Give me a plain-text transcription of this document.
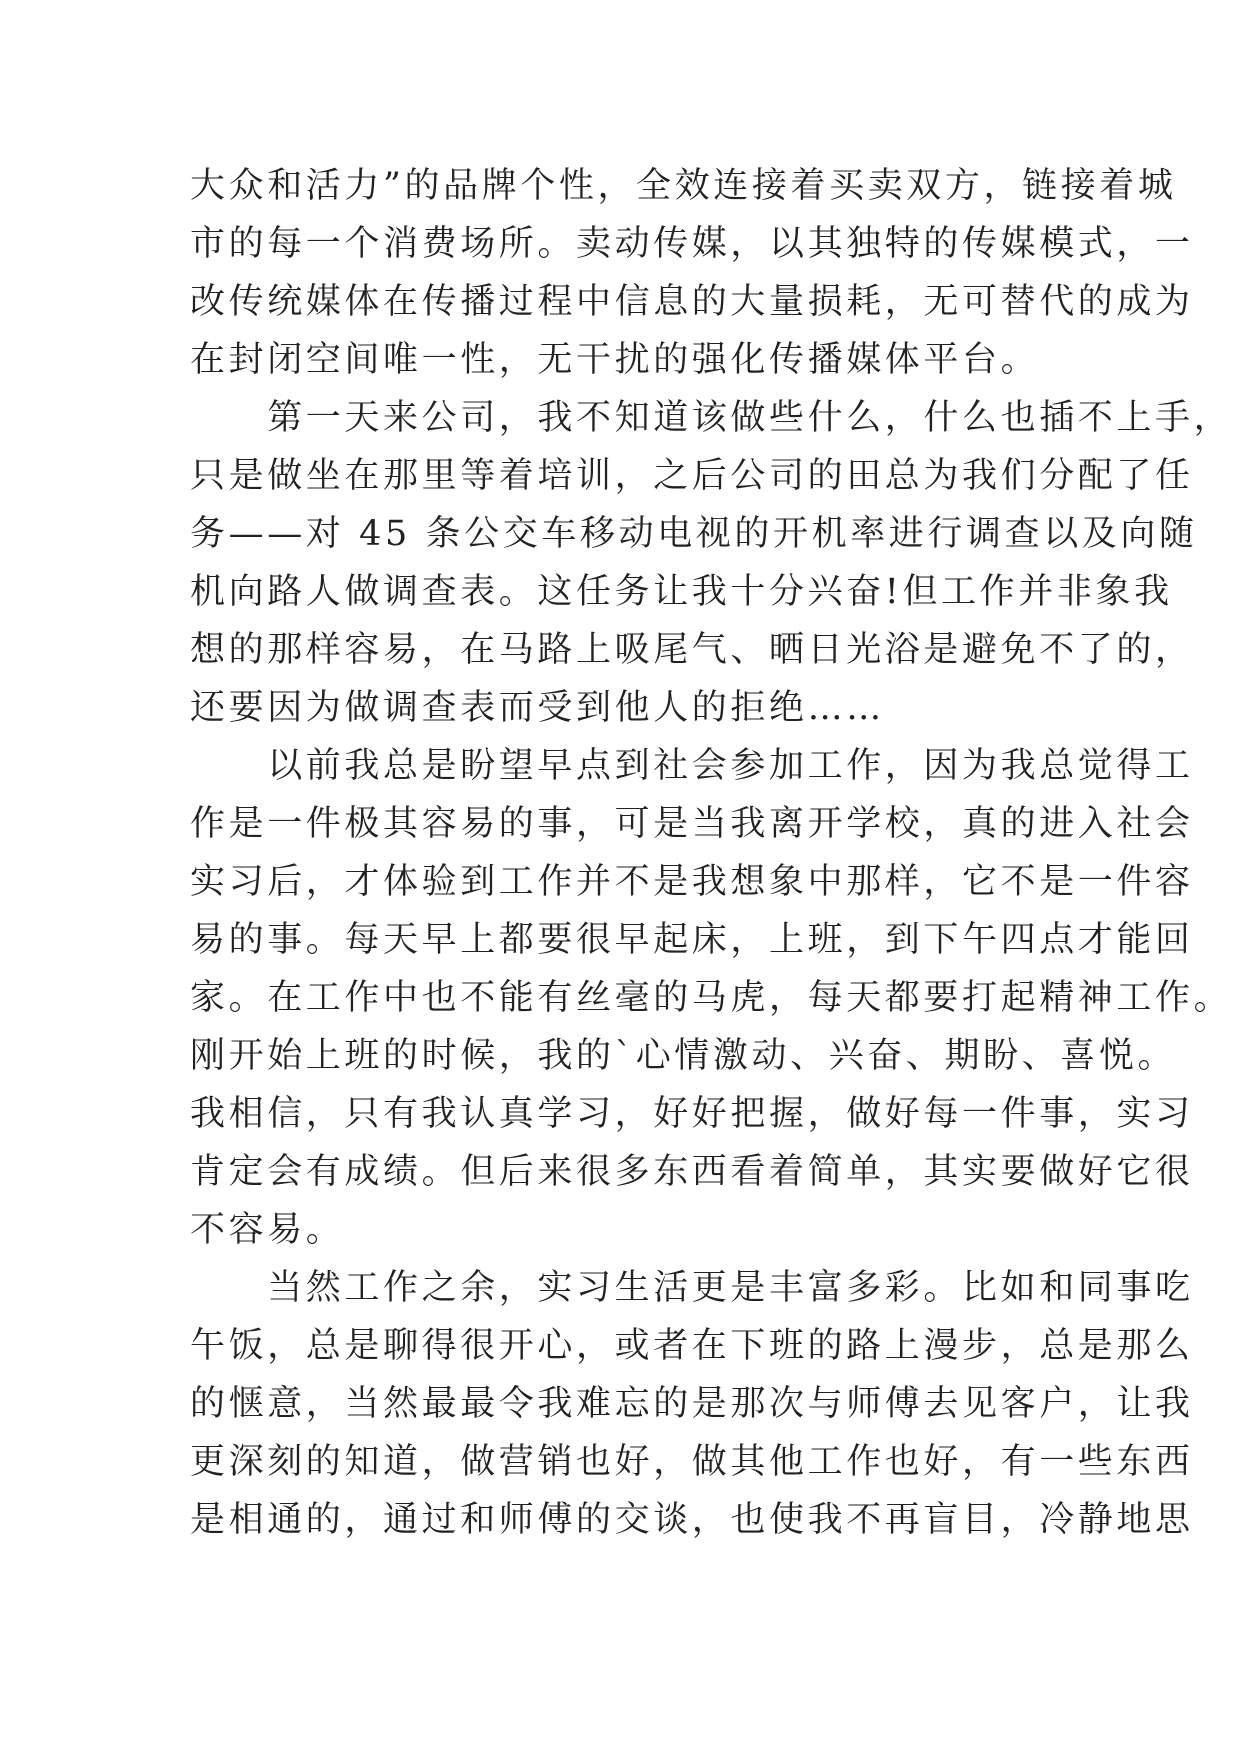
大众和活力”的品牌个性，全效连接着买卖双方，链接着城
市的每一个消费场所。卖动传媒，以其独特的传媒模式，一
改传统媒体在传播过程中信息的大量损耗，无可替代的成为
在封闭空间唯一性，无干扰的强化传播媒体平台。
　　第一天来公司，我不知道该做些什么，什么也插不上手，
只是做坐在那里等着培训，之后公司的田总为我们分配了任
务——对 45 条公交车移动电视的开机率进行调查以及向随
机向路人做调查表。这任务让我十分兴奋!但工作并非象我
想的那样容易，在马路上吸尾气、晒日光浴是避免不了的，
还要因为做调查表而受到他人的拒绝……
　　以前我总是盼望早点到社会参加工作，因为我总觉得工
作是一件极其容易的事，可是当我离开学校，真的进入社会
实习后，才体验到工作并不是我想象中那样，它不是一件容
易的事。每天早上都要很早起床，上班，到下午四点才能回
家。在工作中也不能有丝毫的马虎，每天都要打起精神工作。
刚开始上班的时候，我的`心情激动、兴奋、期盼、喜悦。
我相信，只有我认真学习，好好把握，做好每一件事，实习
肯定会有成绩。但后来很多东西看着简单，其实要做好它很
不容易。
　　当然工作之余，实习生活更是丰富多彩。比如和同事吃
午饭，总是聊得很开心，或者在下班的路上漫步，总是那么
的惬意，当然最最令我难忘的是那次与师傅去见客户，让我
更深刻的知道，做营销也好，做其他工作也好，有一些东西
是相通的，通过和师傅的交谈，也使我不再盲目，冷静地思
